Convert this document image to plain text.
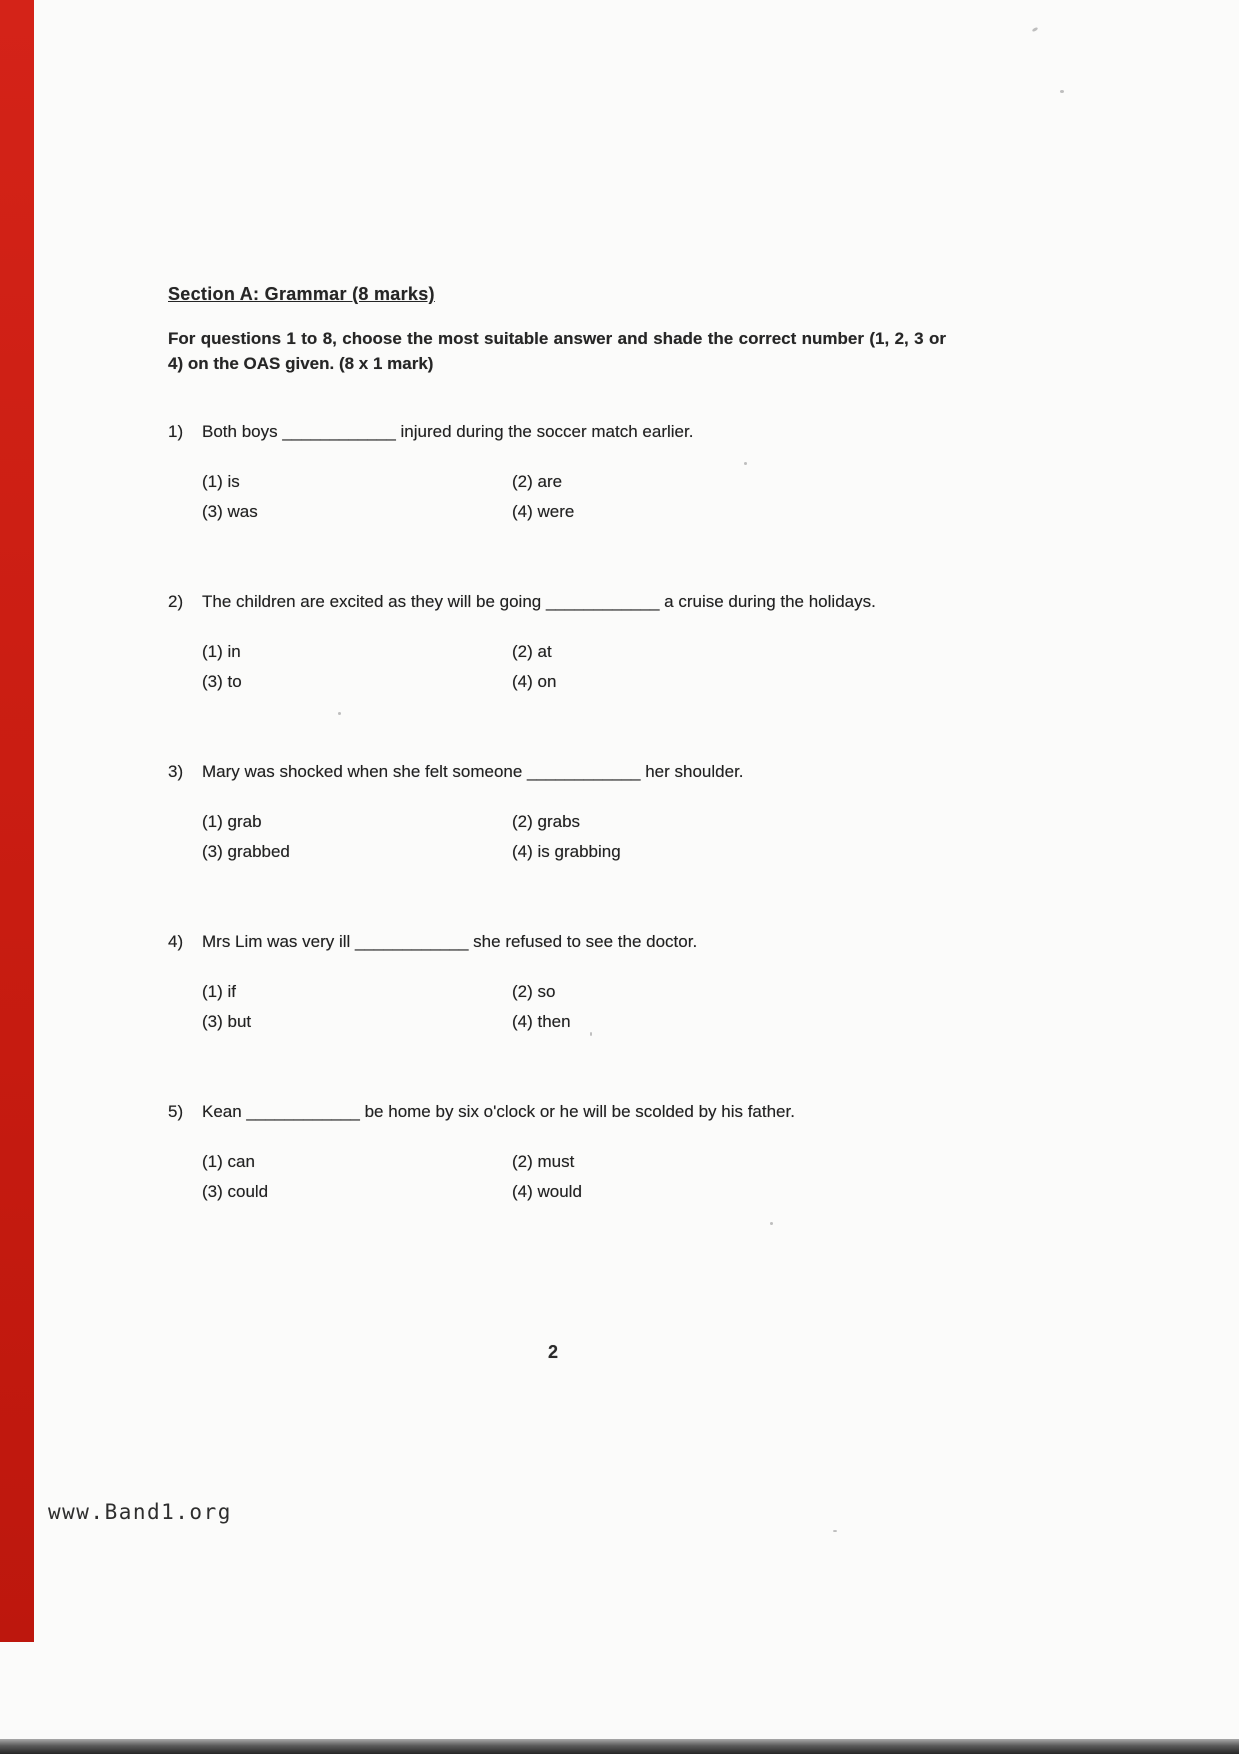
Section A: Grammar (8 marks)

For questions 1 to 8, choose the most suitable answer and shade the correct number (1, 2, 3 or 4) on the OAS given. (8 x 1 mark)

1)	Both boys ____________ injured during the soccer match earlier.
(1) is	(2) are
(3) was	(4) were
2)	The children are excited as they will be going ____________ a cruise during the holidays.
(1) in	(2) at
(3) to	(4) on
3)	Mary was shocked when she felt someone ____________ her shoulder.
(1) grab	(2) grabs
(3) grabbed	(4) is grabbing
4)	Mrs Lim was very ill ____________ she refused to see the doctor.
(1) if	(2) so
(3) but	(4) then
5)	Kean ____________ be home by six o'clock or he will be scolded by his father.
(1) can	(2) must
(3) could	(4) would
2
www.Band1.org
